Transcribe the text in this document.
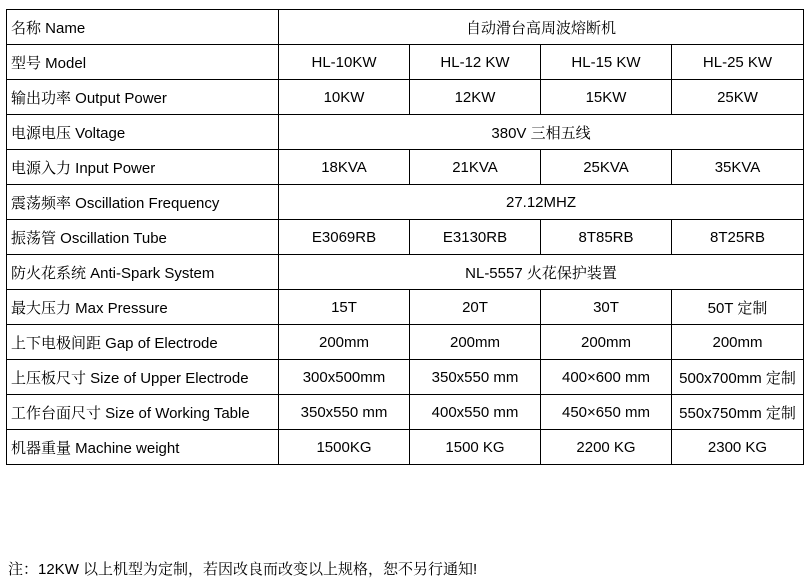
名称 Name	自动滑台高周波熔断机			
型号 Model	HL-10KW	HL-12 KW	HL-15 KW	HL-25 KW
输出功率 Output Power	10KW	12KW	15KW	25KW
电源电压 Voltage	380V 三相五线			
电源入力 Input Power	18KVA	21KVA	25KVA	35KVA
震荡频率 Oscillation Frequency	27.12MHZ			
振荡管 Oscillation Tube	E3069RB	E3130RB	8T85RB	8T25RB
防火花系统 Anti-Spark System	NL-5557 火花保护装置			
最大压力 Max Pressure	15T	20T	30T	50T 定制
上下电极间距 Gap of Electrode	200mm	200mm	200mm	200mm
上压板尺寸 Size of Upper Electrode	300x500mm	350x550 mm	400×600 mm	500x700mm 定制
工作台面尺寸 Size of Working Table	350x550 mm	400x550 mm	450×650 mm	550x750mm 定制
机器重量 Machine weight	1500KG	1500 KG	2200 KG	2300 KG
注：12KW 以上机型为定制，若因改良而改变以上规格，恕不另行通知!
